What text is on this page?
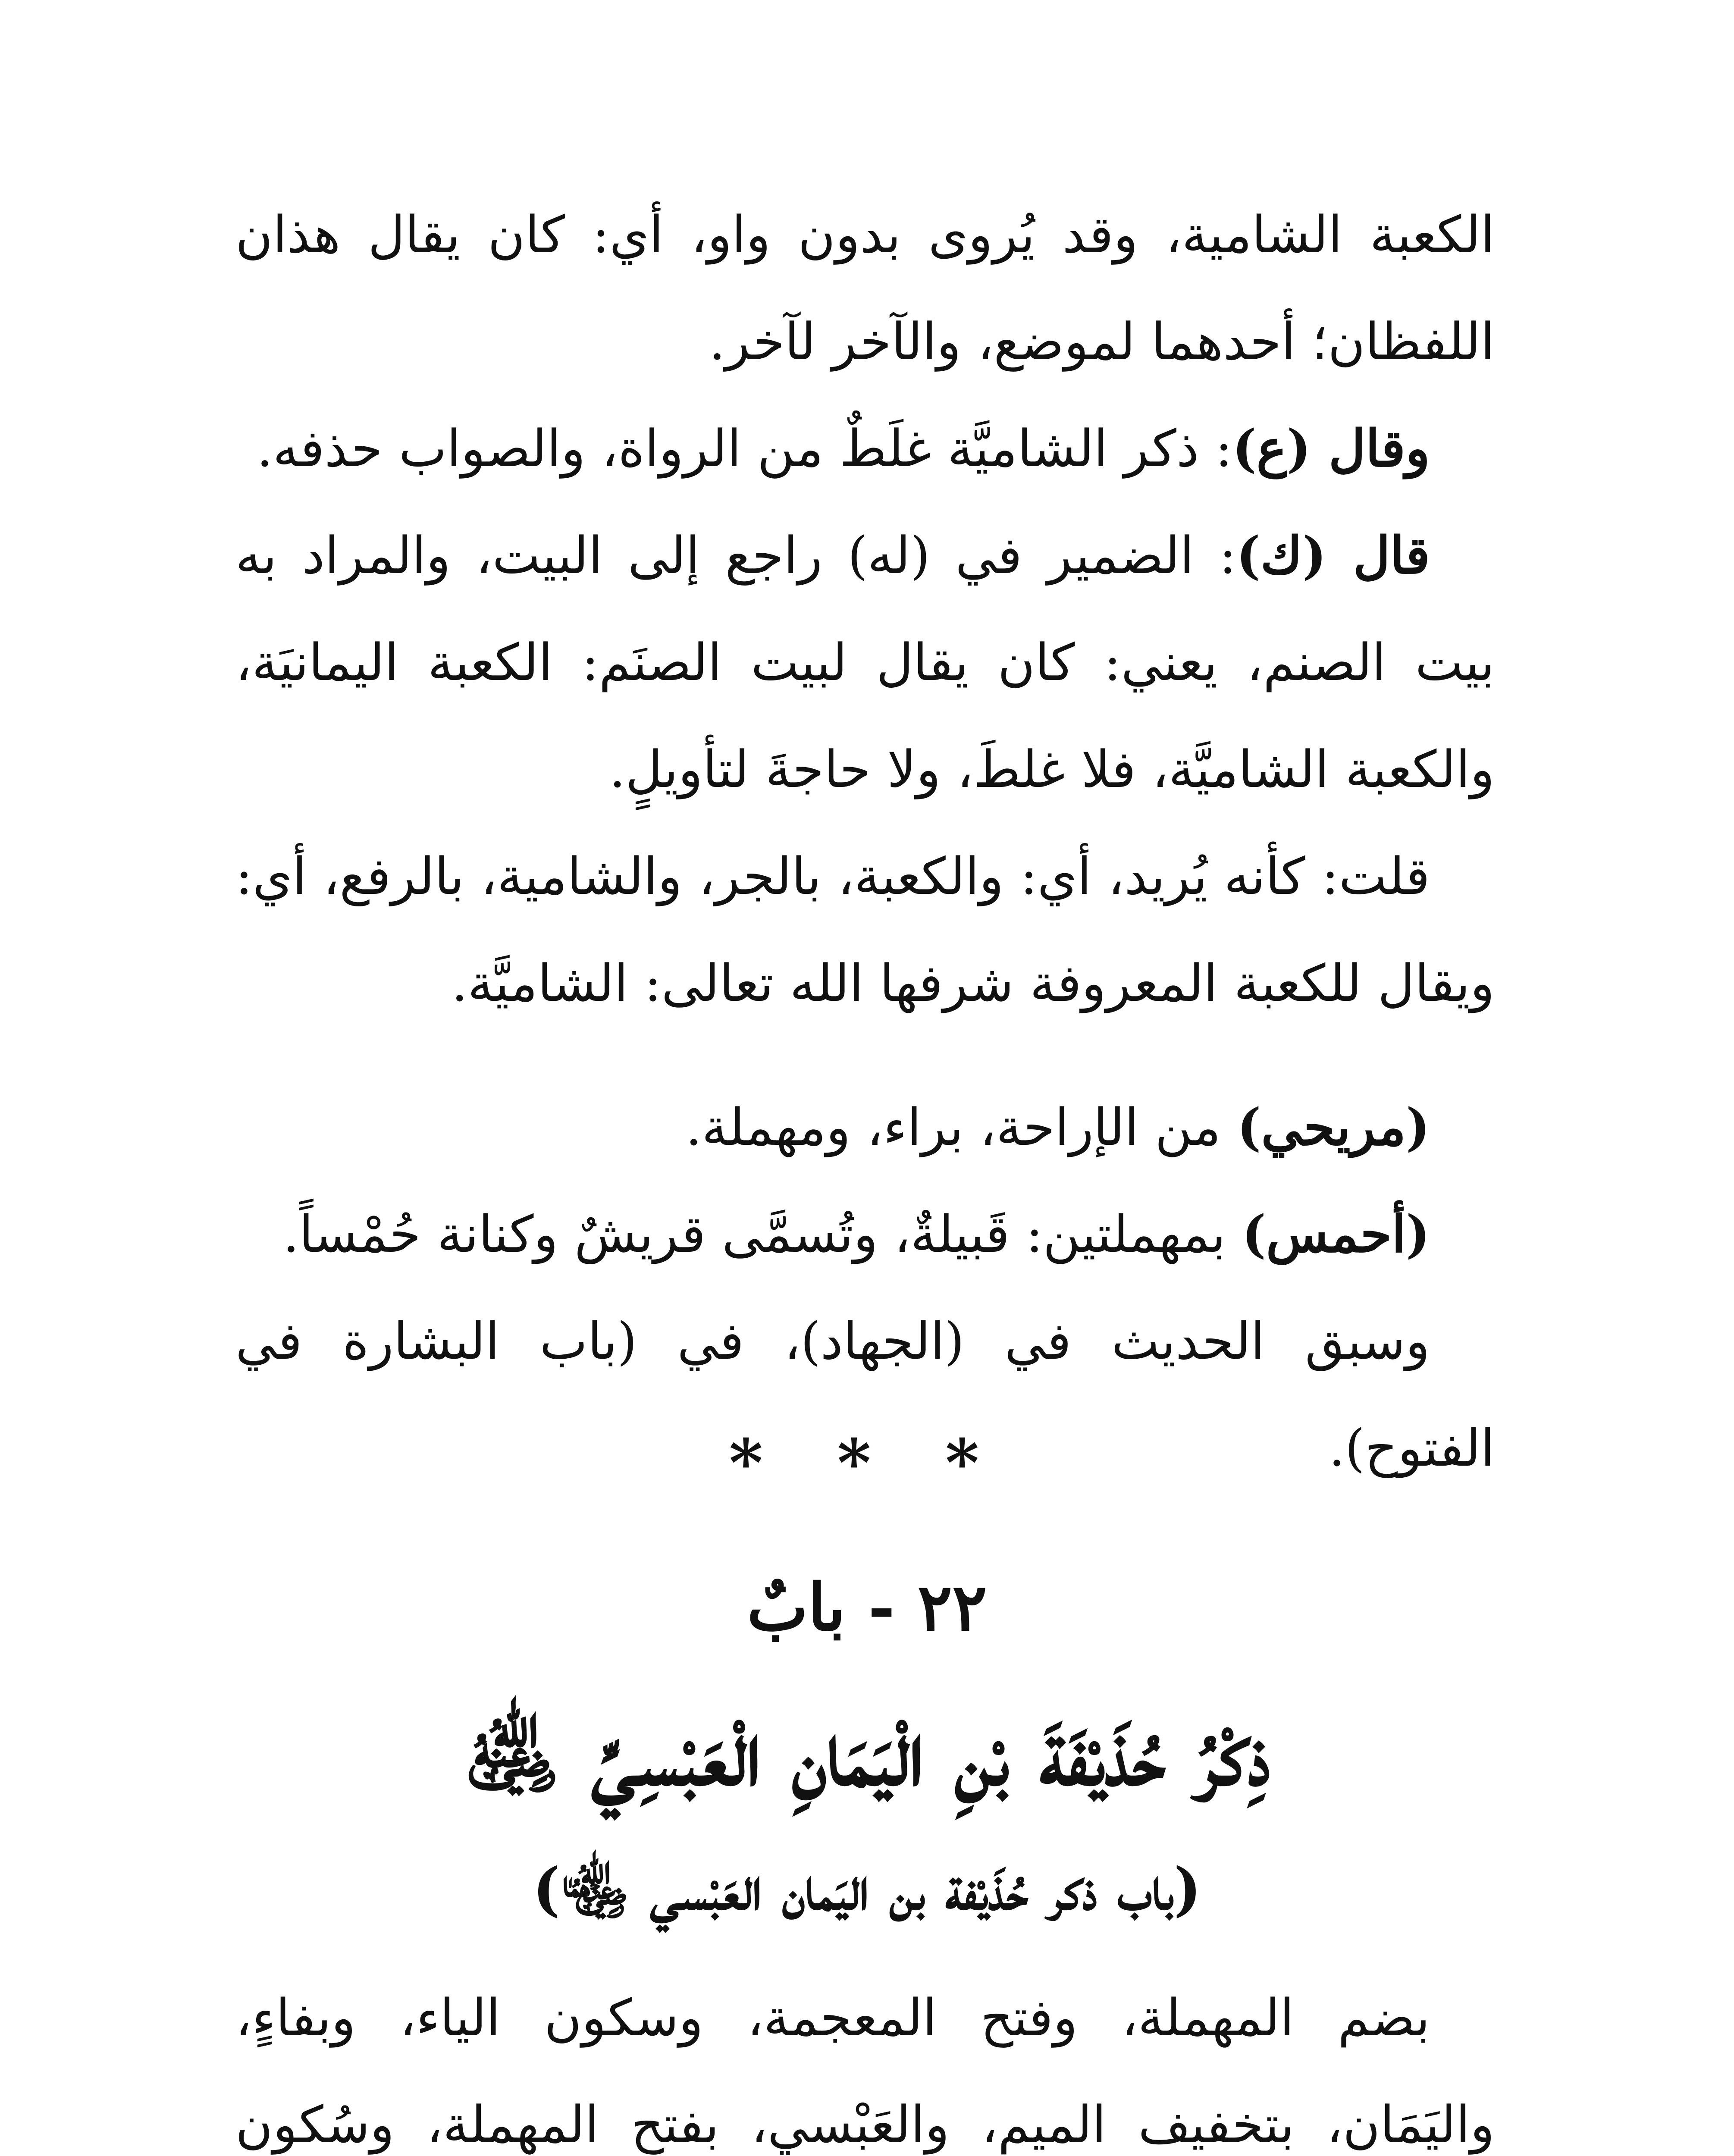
الكعبة الشامية، وقد يُروى بدون واو، أي: كان يقال هذان اللفظان؛ أحدهما لموضع، والآخر لآخر.

وقال (ع): ذكر الشاميَّة غلَطٌ من الرواة، والصواب حذفه.

قال (ك): الضمير في (له) راجع إلى البيت، والمراد به بيت الصنم، يعني: كان يقال لبيت الصنَم: الكعبة اليمانيَة، والكعبة الشاميَّة، فلا غلطَ، ولا حاجةَ لتأويلٍ.

قلت: كأنه يُريد، أي: والكعبة، بالجر، والشامية، بالرفع، أي: ويقال للكعبة المعروفة شرفها الله تعالى: الشاميَّة.

(مريحي) من الإراحة، براء، ومهملة.

(أحمس) بمهملتين: قَبيلةٌ، وتُسمَّى قريشٌ وكنانة حُمْساً.

وسبق الحديث في (الجهاد)، في (باب البشارة في الفتوح).

* * *
٢٢ - بابٌ
ذِكْرُ حُذَيْفَةَ بْنِ الْيَمَانِ الْعَبْسِيِّ ﵁
(باب ذكر حُذَيْفة بن اليَمان العَبْسي ﵄)

بضم المهملة، وفتح المعجمة، وسكون الياء، وبفاءٍ، واليَمَان، بتخفيف الميم، والعَبْسي، بفتح المهملة، وسُكون
